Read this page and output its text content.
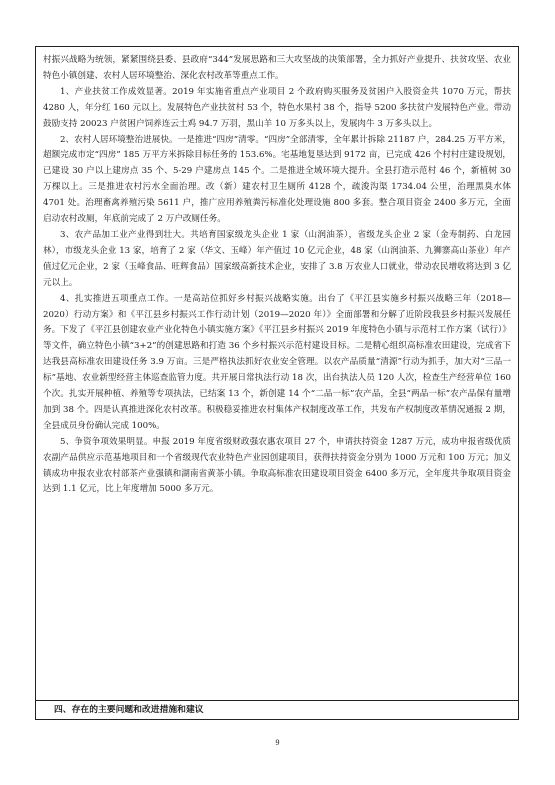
村振兴战略为统领，紧紧围绕县委、县政府“344”发展思路和三大攻坚战的决策部署，全力抓好产业提升、扶贫攻坚、农业特色小镇创建、农村人居环境整治、深化农村改革等重点工作。

1、产业扶贫工作成效显著。2019 年实施省重点产业项目 2 个政府购买服务及贫困户入股资金共 1070 万元，帮扶 4280 人，年分红 160 元以上。发展特色产业扶贫村 53 个，特色水果村 38 个，指导 5200 多扶贫户发展特色产业。带动鼓励支持 20023 户贫困户饲养连云土鸡 94.7 万羽，黑山羊 10 万多头以上，发展肉牛 3 万多头以上。

2、农村人居环境整治进展快。一是推进“四房”清零。“四房”全部清零，全年累计拆除 21187 户，284.25 万平方米，超额完成市定“四房” 185 万平方米拆除目标任务的 153.6%。宅基地复垦达到 9172 亩，已完成 426 个村村庄建设规划，已建设 30 户以上建房点 35 个、5-29 户建房点 145 个。二是推进全域环境大提升。全县打造示范村 46 个，新植树 30 万棵以上。三是推进农村污水全面治理。改（新）建农村卫生厕所 4128 个，疏浚沟渠 1734.04 公里，治理黑臭水体 4701 处。治理畜禽养殖污染 5611 户，推广应用养殖粪污标准化处理设施 800 多套。整合项目资金 2400 多万元，全面启动农村改厕，年底前完成了 2 万户改厕任务。

3、农产品加工业产业得到壮大。共培育国家级龙头企业 1 家（山润油茶），省级龙头企业 2 家（金寿制药、白龙园林），市级龙头企业 13 家，培育了 2 家（华文、玉峰）年产值过 10 亿元企业，48 家（山润油茶、九狮寨高山茶业）年产值过亿元企业，2 家（玉峰食品、旺辉食品）国家级高新技术企业，安排了 3.8 万农业人口就业，带动农民增收将达到 3 亿元以上。

4、扎实推进五项重点工作。一是高站位抓好乡村振兴战略实施。出台了《平江县实施乡村振兴战略三年（2018—2020）行动方案》和《平江县乡村振兴工作行动计划（2019—2020 年）》全面部署和分解了近阶段我县乡村振兴发展任务。下发了《平江县创建农业产业化特色小镇实施方案》《平江县乡村振兴 2019 年度特色小镇与示范村工作方案（试行）》等文件，确立特色小镇“3+2”的创建思路和打造 36 个乡村振兴示范村建设目标。二是精心组织高标准农田建设，完成省下达我县高标准农田建设任务 3.9 万亩。三是严格执法抓好农业安全管理。以农产品质量“清源”行动为抓手，加大对“三品一标”基地、农业新型经营主体巡查监管力度。共开展日常执法行动 18 次，出台执法人员 120 人次，检查生产经营单位 160 个次。扎实开展种植、养殖等专项执法，已结案 13 个，新创建 14 个“二品一标”农产品，全县“两品一标”农产品保有量增加到 38 个。四是认真推进深化农村改革。积极稳妥推进农村集体产权制度改革工作，共发布产权制度改革情况通报 2 期，全县成员身份确认完成 100%。

5、争资争项效果明显。申报 2019 年度省级财政强农惠农项目 27 个，申请扶持资金 1287 万元，成功申报省级优质农副产品供应示范基地项目和一个省级现代农业特色产业园创建项目，获得扶持资金分别为 1000 万元和 100 万元；加义镇成功申报农业农村部茶产业强镇和湖南省黄茶小镇。争取高标准农田建设项目资金 6400 多万元，全年度共争取项目资金达到 1.1 亿元，比上年度增加 5000 多万元。

四、存在的主要问题和改进措施和建议
9
